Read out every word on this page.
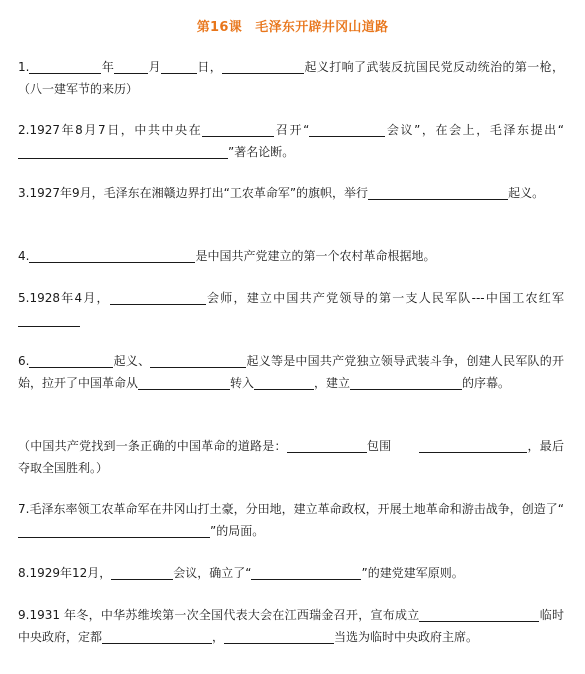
第16课　毛泽东开辟井冈山道路
1.	年	月	日，	起义打响了武装反抗国民党反动统治的第一枪，（八一建军节的来历）
2.1927年8月7日，中共中央在	召开“	会议”，在会上，毛泽东提出“”著名论断。
3.1927年9月，毛泽东在湘赣边界打出“工农革命军”的旗帜，举行	起义。
4.	是中国共产党建立的第一个农村革命根据地。
5.1928年4月，	会师，建立中国共产党领导的第一支人民军队---中国工农红军
6.	起义、	起义等是中国共产党独立领导武装斗争，创建人民军队的开始，拉开了中国革命从	转入	，建立	的序幕。
（中国共产党找到一条正确的中国革命的道路是：	包围	，最后夺取全国胜利。）
7.毛泽东率领工农革命军在井冈山打土豪，分田地，建立革命政权，开展土地革命和游击战争，创造了“”的局面。
8.1929年12月，	会议，确立了“	”的建党建军原则。
9.1931 年冬，中华苏维埃第一次全国代表大会在江西瑞金召开，宣布成立	临时中央政府，定都	，	当选为临时中央政府主席。
